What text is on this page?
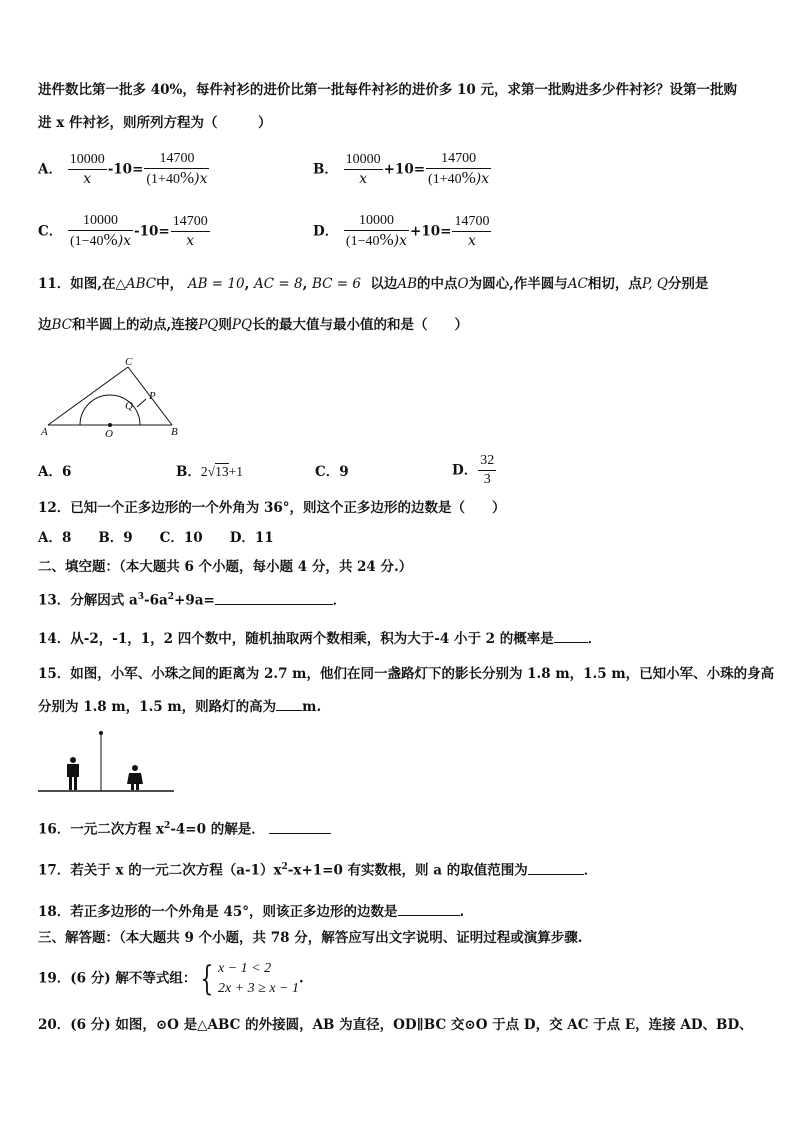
进件数比第一批多 40%，每件衬衫的进价比第一批每件衬衫的进价多 10 元，求第一批购进多少件衬衫？设第一批购
进 x 件衬衫，则所列方程为（　　　）
A． $\frac{10000}{x} -10= \frac{14700}{(1+40\%)x}$	B． $\frac{10000}{x} +10= \frac{14700}{(1+40\%)x}$
C． $\frac{10000}{(1-40\%)x} -10= \frac{14700}{x}$	D． $\frac{10000}{(1-40\%)x} +10= \frac{14700}{x}$
11．如图,在△ABC中， AB = 10, AC = 8, BC = 6 以边AB的中点O为圆心,作半圆与AC相切，点P, Q分别是
边BC和半圆上的动点,连接PQ则PQ长的最大值与最小值的和是（　　）
C
A	O	B
Q
P
A．6	B．2√13+1	C．9	D． $\frac{32}{3}$
12．已知一个正多边形的一个外角为 36°，则这个正多边形的边数是（　　）
A．8　　B．9　　C．10　　D．11
二、填空题：（本大题共 6 个小题，每小题 4 分，共 24 分.）
13．分解因式 $a^3-6a^2+9a=$	．
14．从-2，-1，1，2 四个数中，随机抽取两个数相乘，积为大于-4 小于 2 的概率是	．
15．如图，小军、小珠之间的距离为 2.7 m，他们在同一盏路灯下的影长分别为 1.8 m，1.5 m，已知小军、小珠的身高
分别为 1.8 m，1.5 m，则路灯的高为 m.
16．一元二次方程 $x^2-4=0$ 的解是．
17．若关于 x 的一元二次方程$(a-1)x^2-x+1=0$ 有实数根，则 a 的取值范围为	．
18．若正多边形的一个外角是 45°，则该正多边形的边数是	.
三、解答题：（本大题共 9 个小题，共 78 分，解答应写出文字说明、证明过程或演算步骤.
19．(6 分) 解不等式组： { x − 1 < 2
2x + 3 ≥ x − 1
.
20．(6 分) 如图，⊙O 是△ABC 的外接圆，AB 为直径，OD∥BC 交⊙O 于点 D，交 AC 于点 E，连接 AD、BD、
